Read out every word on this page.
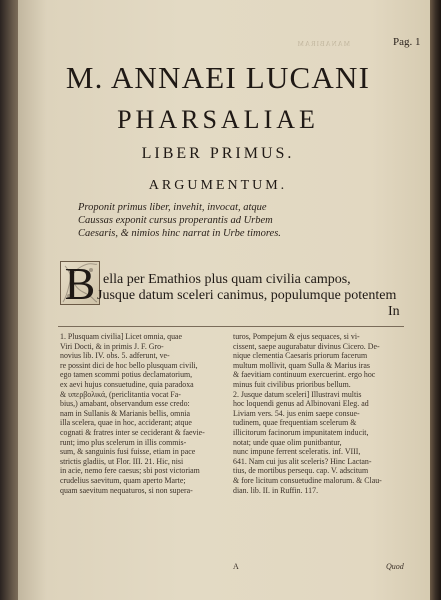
MANABIRAM	Pag. 1
M. ANNAEI LUCANI
PHARSALIAE
LIBER PRIMUS.
ARGUMENTUM.
Proponit primus liber, invehit, invocat, atque
Caussas exponit cursus properantis ad Urbem
Caesaris, & nimios hinc narrat in Urbe timores.
B ella per Emathios plus quam civilia campos,
Jusque datum sceleri canimus, populumque potentem
In
1. Plusquam civilia] Licet omnia, quae
Viri Docti, & in primis J. F. Gro-
novius lib. IV. obs. 5. adferunt, ve-
re possint dici de hoc bello plusquam civili,
ego tamen scommi potius declamatorium,
ex aevi hujus consuetudine, quia paradoxa
& υπερβολικά, (periclitantia vocat Fa-
bius,) amabant, observandum esse credo:
nam in Sullanis & Marianis bellis, omnia
illa scelera, quae in hoc, acciderant; atque
cognati & fratres inter se ceciderant & faevie-
runt; imo plus scelerum in illis commis-
sum, & sanguinis fusi fuisse, etiam in pace
strictis gladiis, ut Flor. III. 21. Hic, nisi
in acie, nemo fere caesus; sbi post victoriam
crudelius saevitum, quam aperto Marte;
quam saevitum nequaturos, si non supera-
turos, Pompejum & ejus sequaces, si vi-
cissent, saepe augurabatur divinus Cicero. De-
nique clementia Caesaris priorum facerum
multum mollivit, quam Sulla & Marius iras
& faevitiam continuum exercuerint. ergo hoc
minus fuit civilibus prioribus bellum.
2. Jusque datum sceleri] Illustravi multis
hoc loquendi genus ad Albinovani Eleg. ad
Liviam vers. 54. jus enim saepe consue-
tudinem, quae frequentiam scelerum &
illicitorum facinorum impunitatem inducit,
notat; unde quae olim punitbantur,
nunc impune ferrent sceleratis. inf. VIII,
641. Nam cui jus alit sceleris? Hinc Lactan-
tius, de mortibus persequ. cap. V. adscitum
& fore licitum consuetudine malorum. & Clau-
dian. lib. II. in Ruffin. 117.
A	Quod
